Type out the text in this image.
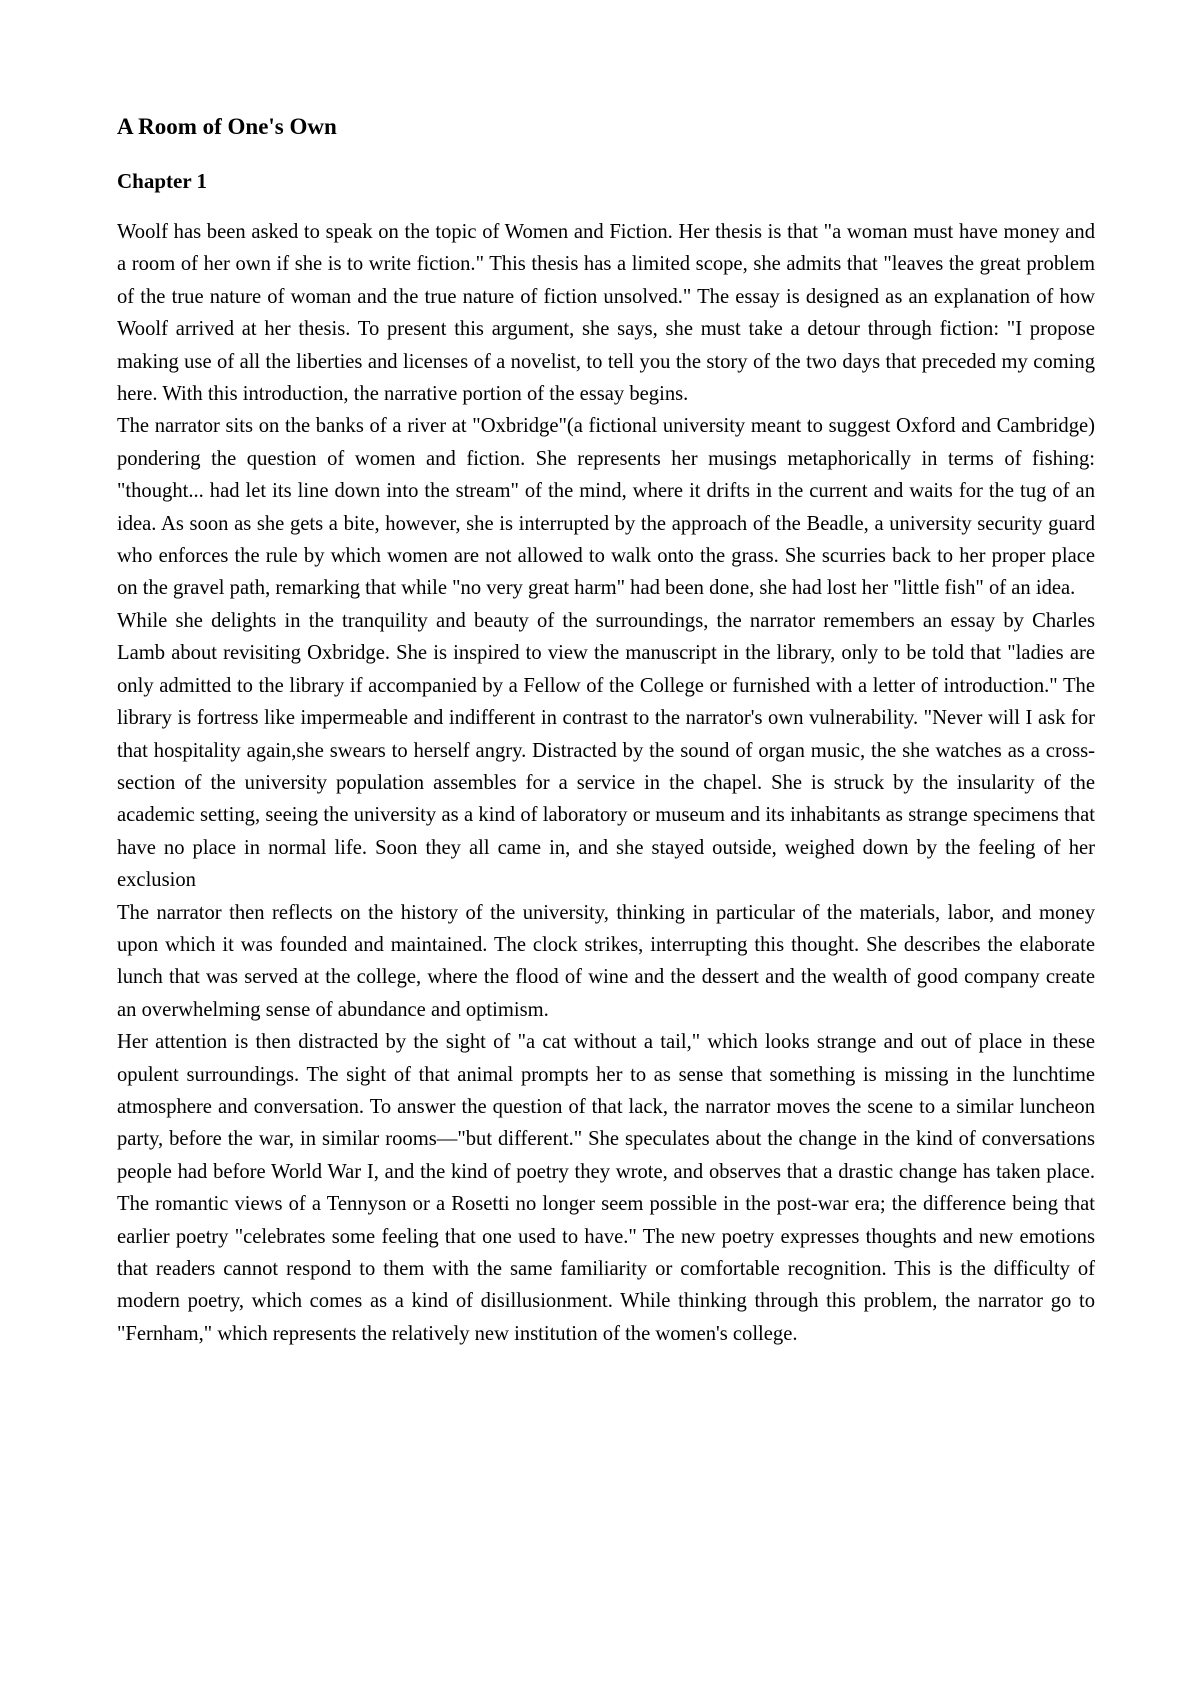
A Room of One's Own
Chapter 1

Woolf has been asked to speak on the topic of Women and Fiction. Her thesis is that "a woman must have money and a room of her own if she is to write fiction." This thesis has a limited scope, she admits that "leaves the great problem of the true nature of woman and the true nature of fiction unsolved." The essay is designed as an explanation of how Woolf arrived at her thesis. To present this argument, she says, she must take a detour through fiction: "I propose making use of all the liberties and licenses of a novelist, to tell you the story of the two days that preceded my coming here. With this introduction, the narrative portion of the essay begins.

The narrator sits on the banks of a river at "Oxbridge"(a fictional university meant to suggest Oxford and Cambridge) pondering the question of women and fiction. She represents her musings metaphorically in terms of fishing: "thought... had let its line down into the stream" of the mind, where it drifts in the current and waits for the tug of an idea. As soon as she gets a bite, however, she is interrupted by the approach of the Beadle, a university security guard who enforces the rule by which women are not allowed to walk onto the grass. She scurries back to her proper place on the gravel path, remarking that while "no very great harm" had been done, she had lost her "little fish" of an idea.

While she delights in the tranquility and beauty of the surroundings, the narrator remembers an essay by Charles Lamb about revisiting Oxbridge. She is inspired to view the manuscript in the library, only to be told that "ladies are only admitted to the library if accompanied by a Fellow of the College or furnished with a letter of introduction." The library is fortress like impermeable and indifferent in contrast to the narrator's own vulnerability. "Never will I ask for that hospitality again,she swears to herself angry. Distracted by the sound of organ music, the she watches as a cross-section of the university population assembles for a service in the chapel. She is struck by the insularity of the academic setting, seeing the university as a kind of laboratory or museum and its inhabitants as strange specimens that have no place in normal life. Soon they all came in, and she stayed outside, weighed down by the feeling of her exclusion

The narrator then reflects on the history of the university, thinking in particular of the materials, labor, and money upon which it was founded and maintained. The clock strikes, interrupting this thought. She describes the elaborate lunch that was served at the college, where the flood of wine and the dessert and the wealth of good company create an overwhelming sense of abundance and optimism.

Her attention is then distracted by the sight of "a cat without a tail," which looks strange and out of place in these opulent surroundings. The sight of that animal prompts her to as sense that something is missing in the lunchtime atmosphere and conversation. To answer the question of that lack, the narrator moves the scene to a similar luncheon party, before the war, in similar rooms—"but different." She speculates about the change in the kind of conversations people had before World War I, and the kind of poetry they wrote, and observes that a drastic change has taken place. The romantic views of a Tennyson or a Rosetti no longer seem possible in the post-war era; the difference being that earlier poetry "celebrates some feeling that one used to have." The new poetry expresses thoughts and new emotions that readers cannot respond to them with the same familiarity or comfortable recognition. This is the difficulty of modern poetry, which comes as a kind of disillusionment. While thinking through this problem, the narrator go to "Fernham," which represents the relatively new institution of the women's college.
